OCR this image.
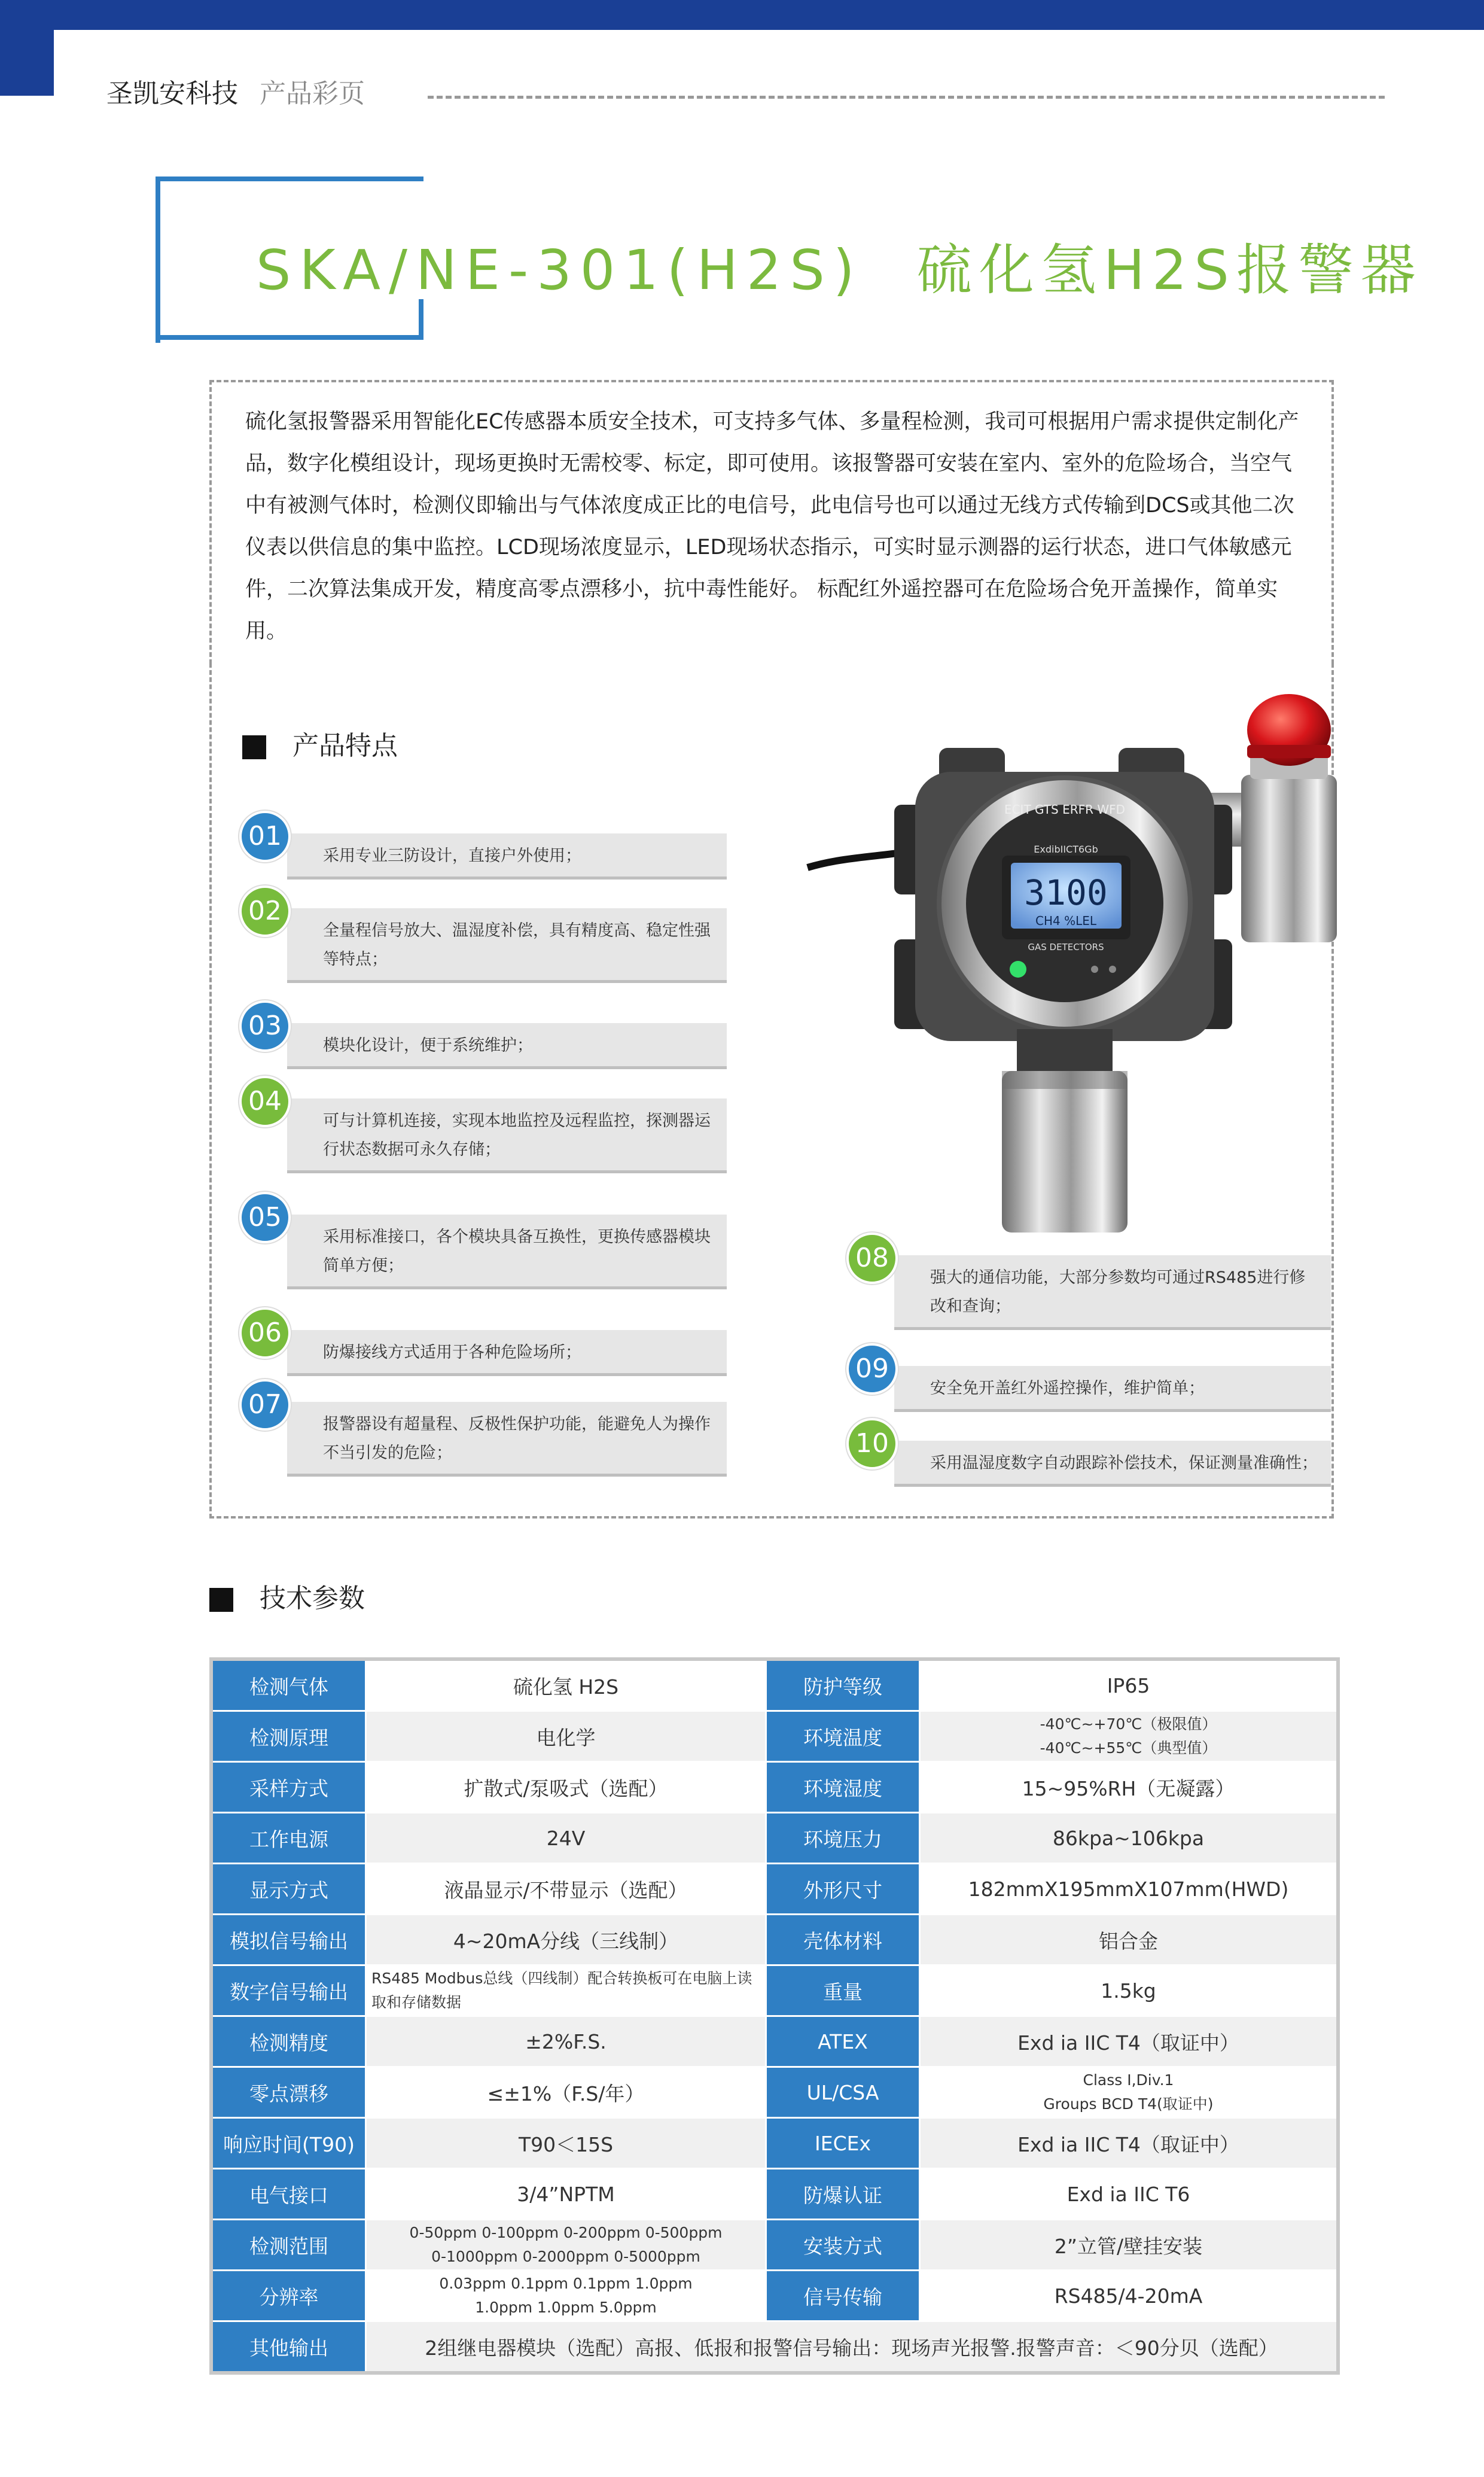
圣凯安科技 产品彩页
SKA/NE-301(H2S) 硫化氢H2S报警器
硫化氢报警器采用智能化EC传感器本质安全技术，可支持多气体、多量程检测，我司可根据用户需求提供定制化产品，数字化模组设计，现场更换时无需校零、标定，即可使用。该报警器可安装在室内、室外的危险场合，当空气中有被测气体时，检测仪即输出与气体浓度成正比的电信号，此电信号也可以通过无线方式传输到DCS或其他二次仪表以供信息的集中监控。LCD现场浓度显示，LED现场状态指示，可实时显示测器的运行状态，进口气体敏感元件，二次算法集成开发，精度高零点漂移小，抗中毒性能好。 标配红外遥控器可在危险场合免开盖操作，简单实用。
产品特点
采用专业三防设计，直接户外使用；
01
全量程信号放大、温湿度补偿，具有精度高、稳定性强等特点；
02
模块化设计，便于系统维护；
03
可与计算机连接，实现本地监控及远程监控，探测器运行状态数据可永久存储；
04
采用标准接口，各个模块具备互换性，更换传感器模块简单方便；
05
防爆接线方式适用于各种危险场所；
06
报警器设有超量程、反极性保护功能，能避免人为操作不当引发的危险；
07
强大的通信功能，大部分参数均可通过RS485进行修改和查询；
08
安全免开盖红外遥控操作，维护简单；
09
采用温湿度数字自动跟踪补偿技术，保证测量准确性；
10
3100
CH4 %LEL
ExdibIICT6Gb
GAS DETECTORS
ECIT GTS ERFR WFD
技术参数
检测气体	硫化氢 H2S	防护等级	IP65
检测原理	电化学	环境温度	-40℃~+70℃（极限值）
-40℃~+55℃（典型值）

采样方式	扩散式/泵吸式（选配）	环境湿度	15~95%RH（无凝露）
工作电源	24V	环境压力	86kpa~106kpa
显示方式	液晶显示/不带显示（选配）	外形尺寸	182mmX195mmX107mm(HWD)
模拟信号输出	4~20mA分线（三线制）	壳体材料	铝合金
数字信号输出	RS485 Modbus总线（四线制）配合转换板可在电脑上读取和存储数据	重量	1.5kg
检测精度	±2%F.S.	ATEX	Exd ia IIC T4（取证中）
零点漂移	≤±1%（F.S/年）	UL/CSA	Class I,Div.1
Groups BCD T4(取证中)

响应时间(T90)	T90＜15S	IECEx	Exd ia IIC T4（取证中）
电气接口	3/4”NPTM	防爆认证	Exd ia IIC T6
检测范围	0-50ppm 0-100ppm 0-200ppm 0-500ppm
0-1000ppm 0-2000ppm 0-5000ppm	安装方式	2”立管/壁挂安装
分辨率	0.03ppm 0.1ppm 0.1ppm 1.0ppm
1.0ppm 1.0ppm 5.0ppm	信号传输	RS485/4-20mA
其他输出	2组继电器模块（选配）高报、低报和报警信号输出：现场声光报警.报警声音：＜90分贝（选配）		
